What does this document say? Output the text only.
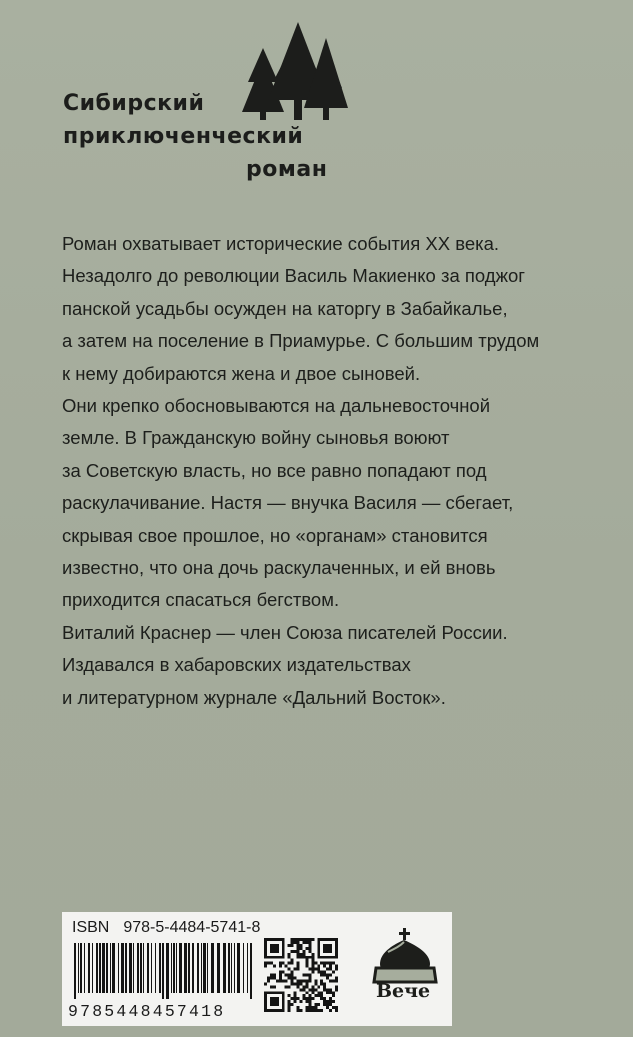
Сибирский
приключенческий
роман
Роман охватывает исторические события XX века.
Незадолго до революции Василь Макиенко за поджог
панской усадьбы осужден на каторгу в Забайкалье,
а затем на поселение в Приамурье. С большим трудом
к нему добираются жена и двое сыновей.
Они крепко обосновываются на дальневосточной
земле. В Гражданскую войну сыновья воюют
за Советскую власть, но все равно попадают под
раскулачивание. Настя — внучка Василя — сбегает,
скрывая свое прошлое, но «органам» становится
известно, что она дочь раскулаченных, и ей вновь
приходится спасаться бегством.
Виталий Краснер — член Союза писателей России.
Издавался в хабаровских издательствах
и литературном журнале «Дальний Восток».
ISBN 978-5-4484-5741-8
9785448457418
Вече
